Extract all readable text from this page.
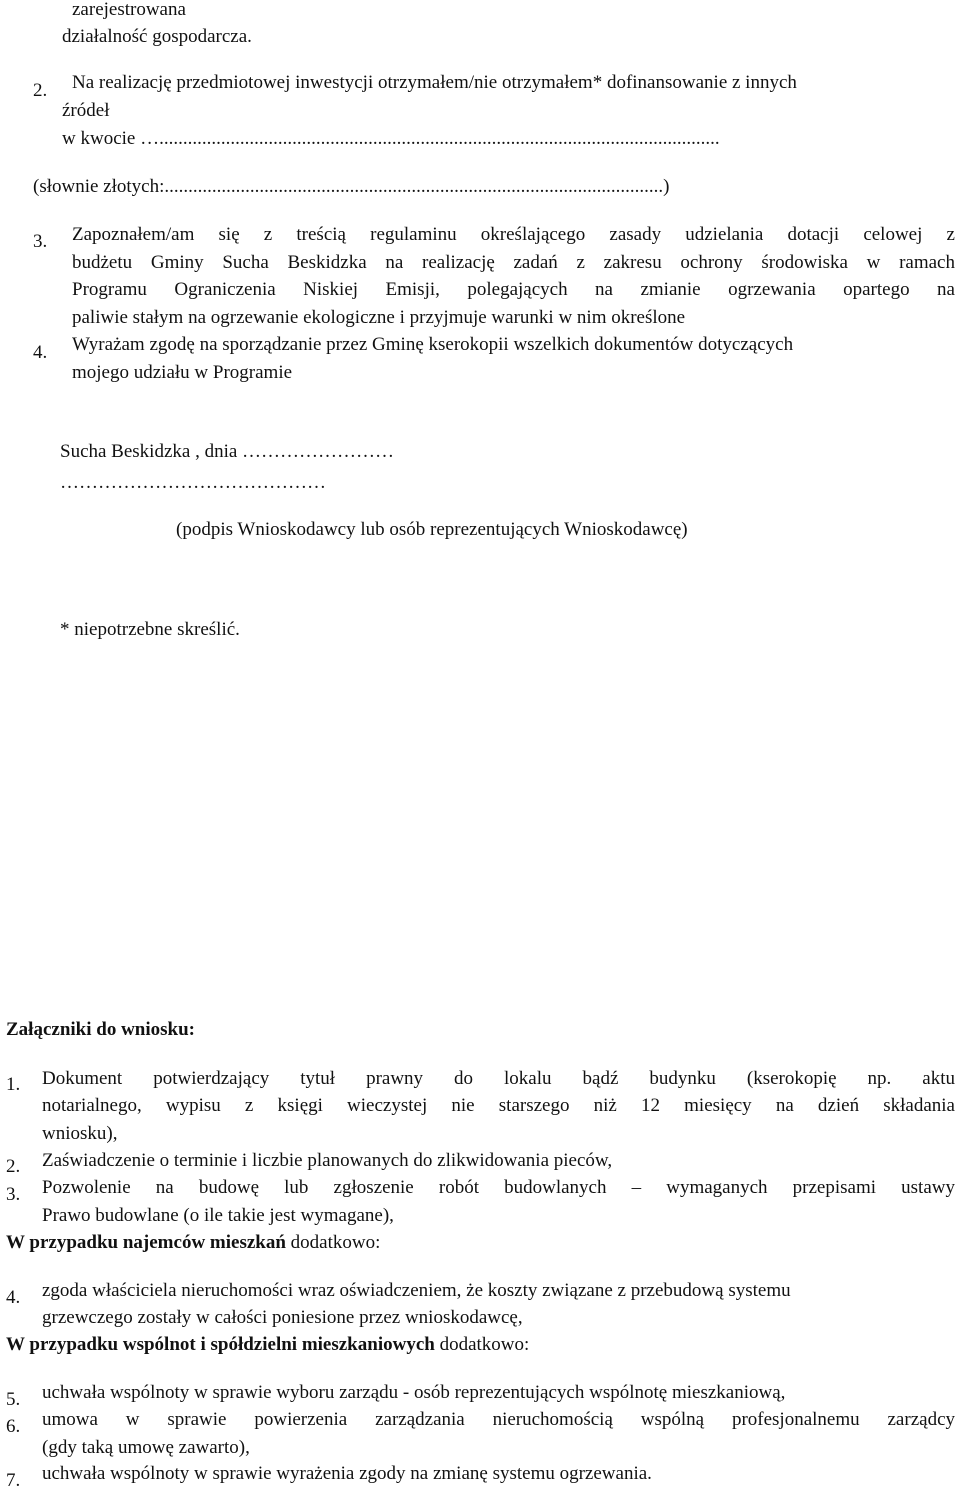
zarejestrowana
działalność gospodarcza.
2. Na realizację przedmiotowej inwestycji otrzymałem/nie otrzymałem* dofinansowanie z innych
źródeł
w kwocie …......................................................................................................................
(słownie złotych:.........................................................................................................)
3. Zapoznałem/am się z treścią regulaminu określającego zasady udzielania dotacji celowej z
budżetu Gminy Sucha Beskidzka na realizację zadań z zakresu ochrony środowiska w ramach
Programu Ograniczenia Niskiej Emisji, polegających na zmianie ogrzewania opartego na
paliwie stałym na ogrzewanie ekologiczne i przyjmuje warunki w nim określone
4. Wyrażam zgodę na sporządzanie przez Gminę kserokopii wszelkich dokumentów dotyczących
mojego udziału w Programie
Sucha Beskidzka , dnia ……………………
……………………………………
(podpis Wnioskodawcy lub osób reprezentujących Wnioskodawcę)
* niepotrzebne skreślić.
Załączniki do wniosku:
1. Dokument potwierdzający tytuł prawny do lokalu bądź budynku (kserokopię np. aktu
notarialnego, wypisu z księgi wieczystej nie starszego niż 12 miesięcy na dzień składania
wniosku),
2. Zaświadczenie o terminie i liczbie planowanych do zlikwidowania pieców,
3. Pozwolenie na budowę lub zgłoszenie robót budowlanych – wymaganych przepisami ustawy
Prawo budowlane (o ile takie jest wymagane),
W przypadku najemców mieszkań dodatkowo:
4. zgoda właściciela nieruchomości wraz oświadczeniem, że koszty związane z przebudową systemu
grzewczego zostały w całości poniesione przez wnioskodawcę,
W przypadku wspólnot i spółdzielni mieszkaniowych dodatkowo:
5. uchwała wspólnoty w sprawie wyboru zarządu - osób reprezentujących wspólnotę mieszkaniową,
6. umowa w sprawie powierzenia zarządzania nieruchomością wspólną profesjonalnemu zarządcy
(gdy taką umowę zawarto),
7. uchwała wspólnoty w sprawie wyrażenia zgody na zmianę systemu ogrzewania.
